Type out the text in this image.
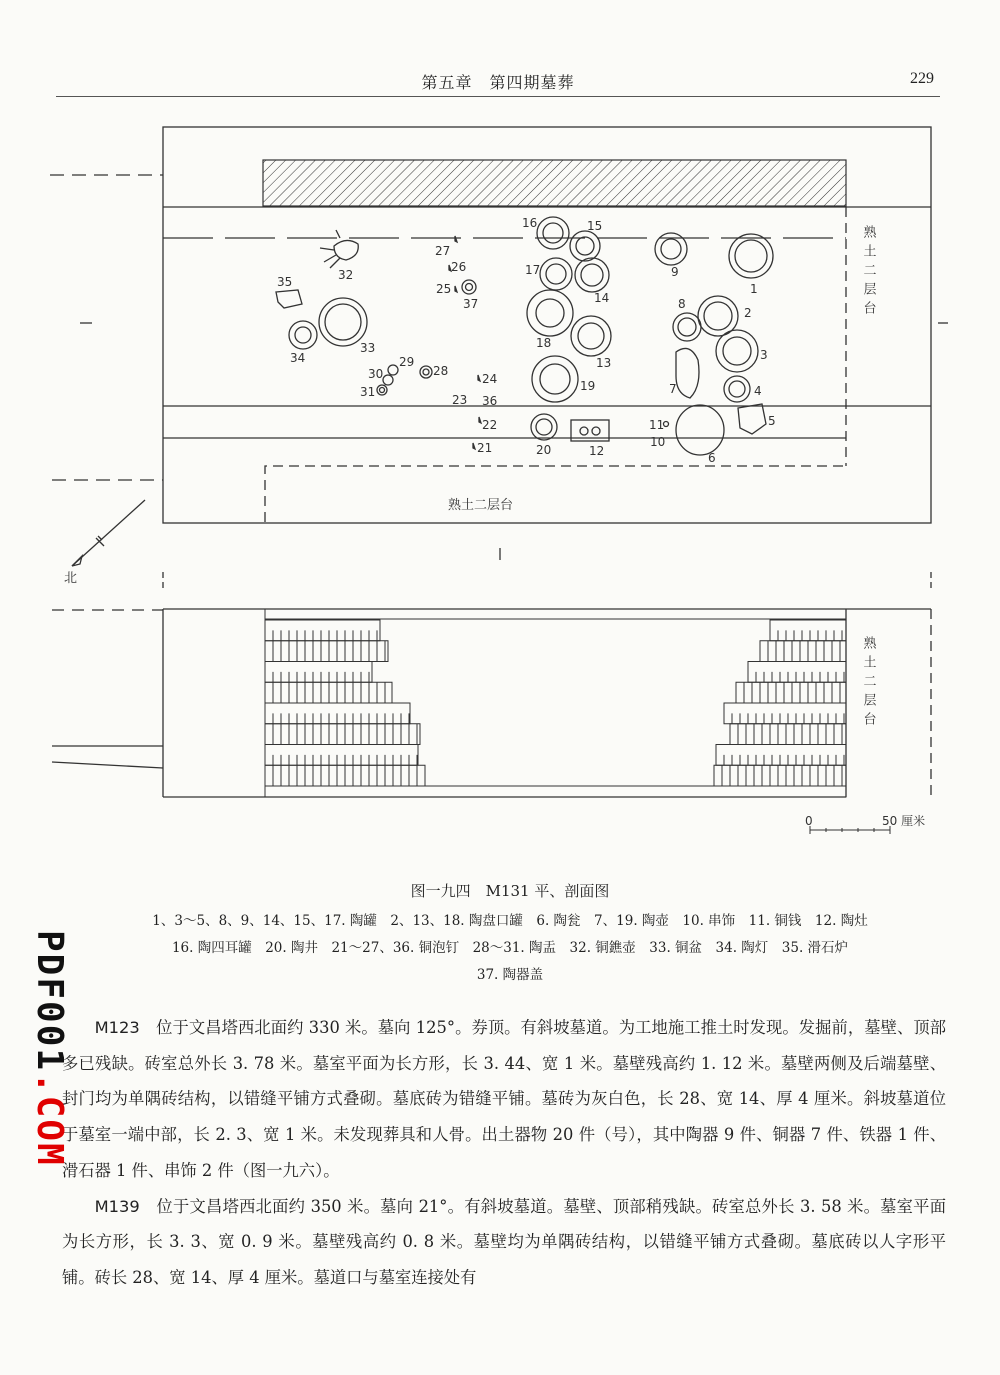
第五章　第四期墓葬	229
1
2
3
4
5
6
7
8
9
10
11
12
13
14
15
16
17
18
19
20
21
22
23
24
25
26
27
28
29
30
31
32
33
34
35
36
37
熟土二层台
北
熟土二层台
熟土二层台
0	50 厘米
图一九四　M131 平、剖面图
1、3～5、8、9、14、15、17. 陶罐　2、13、18. 陶盘口罐　6. 陶瓮　7、19. 陶壶　10. 串饰　11. 铜钱　12. 陶灶
16. 陶四耳罐　20. 陶井　21～27、36. 铜泡钉　28～31. 陶盂　32. 铜鐎壶　33. 铜盆　34. 陶灯　35. 滑石炉
37. 陶器盖

M123　 位于文昌塔西北面约 330 米。墓向 125°。券顶。有斜坡墓道。为工地施工推土时发现。发掘前，墓壁、顶部多已残缺。砖室总外长 3. 78 米。墓室平面为长方形，长 3. 44、宽 1 米。墓壁残高约 1. 12 米。墓壁两侧及后端墓壁、封门均为单隅砖结构，以错缝平铺方式叠砌。墓底砖为错缝平铺。墓砖为灰白色，长 28、宽 14、厚 4 厘米。斜坡墓道位于墓室一端中部，长 2. 3、宽 1 米。未发现葬具和人骨。出土器物 20 件（号），其中陶器 9 件、铜器 7 件、铁器 1 件、滑石器 1 件、串饰 2 件（图一九六）。

M139　 位于文昌塔西北面约 350 米。墓向 21°。有斜坡墓道。墓壁、顶部稍残缺。砖室总外长 3. 58 米。墓室平面为长方形，长 3. 3、宽 0. 9 米。墓壁残高约 0. 8 米。墓壁均为单隅砖结构，以错缝平铺方式叠砌。墓底砖以人字形平铺。砖长 28、宽 14、厚 4 厘米。墓道口与墓室连接处有

PDF001.COM
